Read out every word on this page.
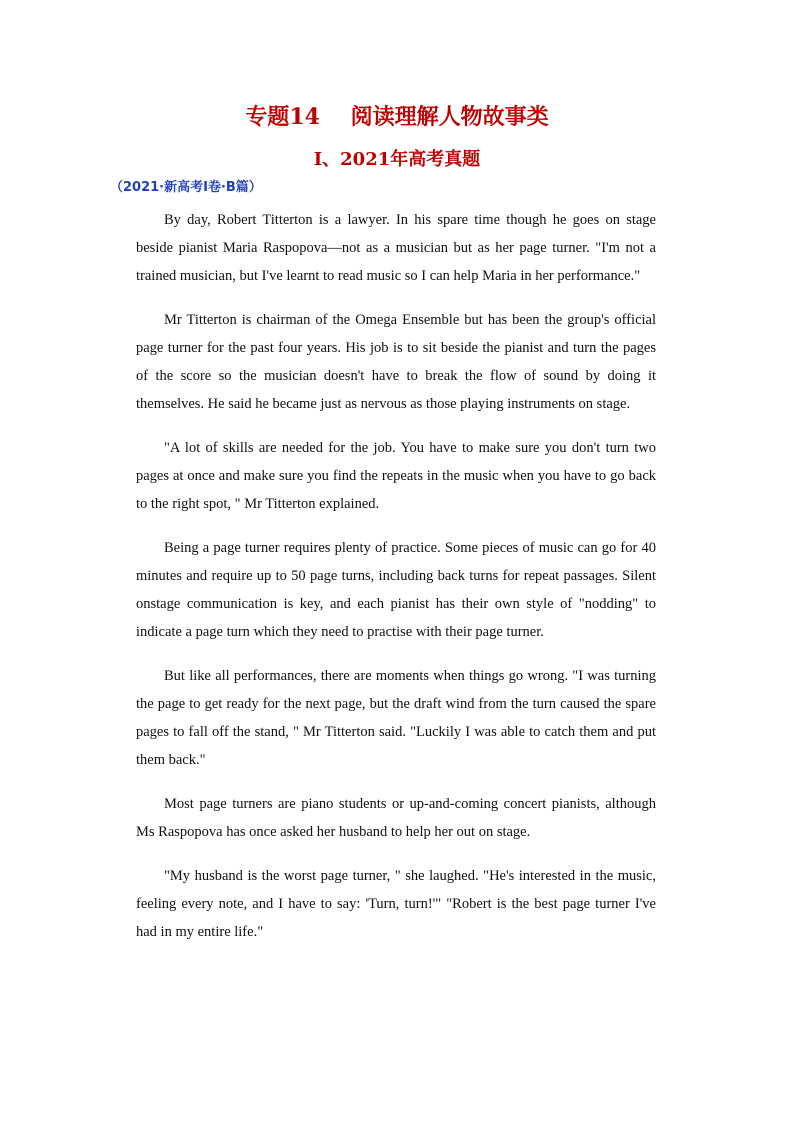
专题14    阅读理解人物故事类
I、2021年高考真题
（2021·新高考I卷·B篇）

By day, Robert Titterton is a lawyer. In his spare time though he goes on stage beside pianist Maria Raspopova—not as a musician but as her page turner. "I'm not a trained musician, but I've learnt to read music so I can help Maria in her performance."

Mr Titterton is chairman of the Omega Ensemble but has been the group's official page turner for the past four years. His job is to sit beside the pianist and turn the pages of the score so the musician doesn't have to break the flow of sound by doing it themselves. He said he became just as nervous as those playing instruments on stage.

"A lot of skills are needed for the job. You have to make sure you don't turn two pages at once and make sure you find the repeats in the music when you have to go back to the right spot, " Mr Titterton explained.

Being a page turner requires plenty of practice. Some pieces of music can go for 40 minutes and require up to 50 page turns, including back turns for repeat passages. Silent onstage communication is key, and each pianist has their own style of "nodding" to indicate a page turn which they need to practise with their page turner.

But like all performances, there are moments when things go wrong. "I was turning the page to get ready for the next page, but the draft wind from the turn caused the spare pages to fall off the stand, " Mr Titterton said. "Luckily I was able to catch them and put them back."

Most page turners are piano students or up-and-coming concert pianists, although Ms Raspopova has once asked her husband to help her out on stage.

"My husband is the worst page turner, " she laughed. "He's interested in the music, feeling every note, and I have to say: 'Turn, turn!'" "Robert is the best page turner I've had in my entire life."
